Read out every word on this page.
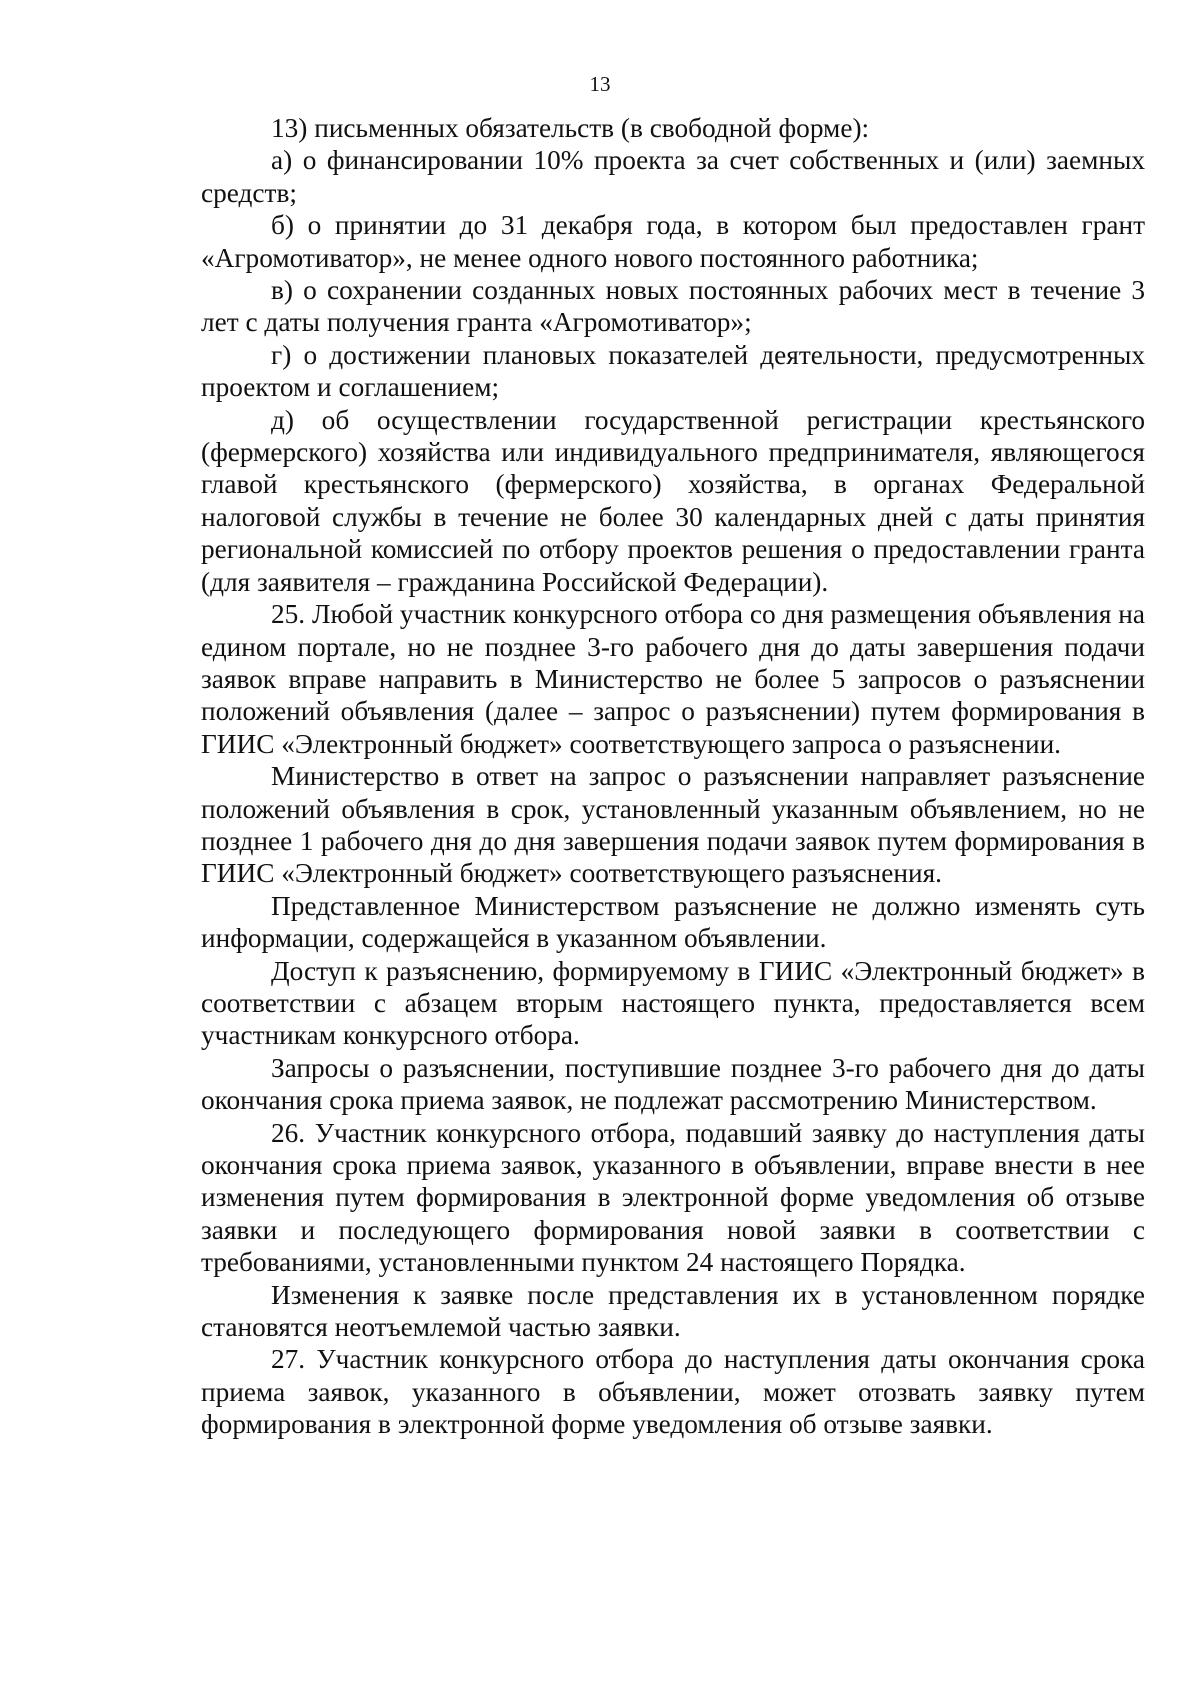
13

13) письменных обязательств (в свободной форме):

а) о финансировании 10% проекта за счет собственных и (или) заемных средств;

б) о принятии до 31 декабря года, в котором был предоставлен грант «Агромотиватор», не менее одного нового постоянного работника;

в) о сохранении созданных новых постоянных рабочих мест в течение 3 лет с даты получения гранта «Агромотиватор»;

г) о достижении плановых показателей деятельности, предусмотренных проектом и соглашением;

д) об осуществлении государственной регистрации крестьянского (фермерского) хозяйства или индивидуального предпринимателя, являющегося главой крестьянского (фермерского) хозяйства, в органах Федеральной налоговой службы в течение не более 30 календарных дней с даты принятия региональной комиссией по отбору проектов решения о предоставлении гранта (для заявителя – гражданина Российской Федерации).

25. Любой участник конкурсного отбора со дня размещения объявления на едином портале, но не позднее 3-го рабочего дня до даты завершения подачи заявок вправе направить в Министерство не более 5 запросов о разъяснении положений объявления (далее – запрос о разъяснении) путем формирования в ГИИС «Электронный бюджет» соответствующего запроса о разъяснении.

Министерство в ответ на запрос о разъяснении направляет разъяснение положений объявления в срок, установленный указанным объявлением, но не позднее 1 рабочего дня до дня завершения подачи заявок путем формирования в ГИИС «Электронный бюджет» соответствующего разъяснения.

Представленное Министерством разъяснение не должно изменять суть информации, содержащейся в указанном объявлении.

Доступ к разъяснению, формируемому в ГИИС «Электронный бюджет» в соответствии с абзацем вторым настоящего пункта, предоставляется всем участникам конкурсного отбора.

Запросы о разъяснении, поступившие позднее 3-го рабочего дня до даты окончания срока приема заявок, не подлежат рассмотрению Министерством.

26. Участник конкурсного отбора, подавший заявку до наступления даты окончания срока приема заявок, указанного в объявлении, вправе внести в нее изменения путем формирования в электронной форме уведомления об отзыве заявки и последующего формирования новой заявки в соответствии с требованиями, установленными пунктом 24 настоящего Порядка.

Изменения к заявке после представления их в установленном порядке становятся неотъемлемой частью заявки.

27. Участник конкурсного отбора до наступления даты окончания срока приема заявок, указанного в объявлении, может отозвать заявку путем формирования в электронной форме уведомления об отзыве заявки.
